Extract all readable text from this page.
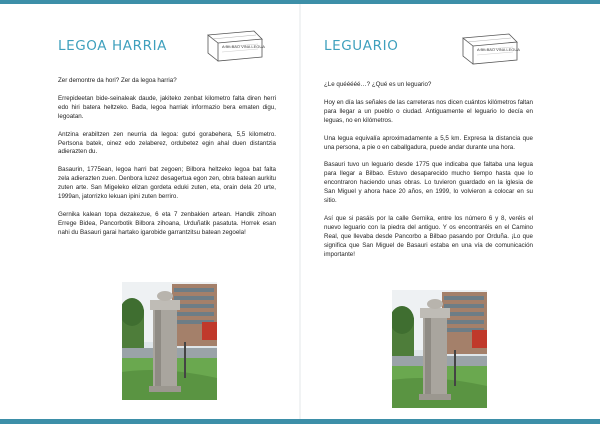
LEGOA HARRIA	A BILBAO VINA LEGUA

Zer demontre da hori? Zer da legoa harria?

Errepideetan bide-seinaleak daude, jakiteko zenbat kilometro falta diren herri edo hiri batera heltzeko. Bada, legoa harriak informazio bera ematen digu, legoatan.

Antzina erabiltzen zen neurria da legoa: gutxi gorabehera, 5,5 kilometro. Pertsona batek, oinez edo zelaberez, ordubetez egin ahal duen distantzia adierazten du.

Basaurin, 1775ean, legoa harri bat zegoen; Bilbora heltzeko legoa bat falta zela adierazten zuen. Denbora luzez desagertua egon zen, obra batean aurkitu zuten arte. San Migeleko elizan gordeta eduki zuten, eta, orain dela 20 urte, 1999an, jatorrizko lekuan ipini zuten berriro.

Gernika kalean topa dezakezue, 6 eta 7 zenbakien artean. Handik zihoan Errege Bidea, Pancorbotik Bilbora zihoana, Urduñatik pasatuta. Horrek esan nahi du Basauri garai hartako igarobide garrantzitsu batean zegoela!

LEGUARIO	A BILBAO VINA LEGUA

¿Le quééééé…? ¿Qué es un leguario?

Hoy en día las señales de las carreteras nos dicen cuántos kilómetros faltan para llegar a un pueblo o ciudad. Antiguamente el leguario lo decía en leguas, no en kilómetros.

Una legua equivalía aproximadamente a 5,5 km. Expresa la distancia que una persona, a pie o en caballgadura, puede andar durante una hora.

Basauri tuvo un leguario desde 1775 que indicaba que faltaba una legua para llegar a Bilbao. Estuvo desaparecido mucho tiempo hasta que lo encontraron haciendo unas obras. Lo tuvieron guardado en la iglesia de San Miguel y ahora hace 20 años, en 1999, lo volvieron a colocar en su sitio.

Así que si pasáis por la calle Gernika, entre los número 6 y 8, veréis el nuevo leguario con la piedra del antiguo. Y os encontraréis en el Camino Real, que llevaba desde Pancorbo a Bilbao pasando por Orduña. ¡Lo que significa que San Miguel de Basauri estaba en una vía de comunicación importante!
